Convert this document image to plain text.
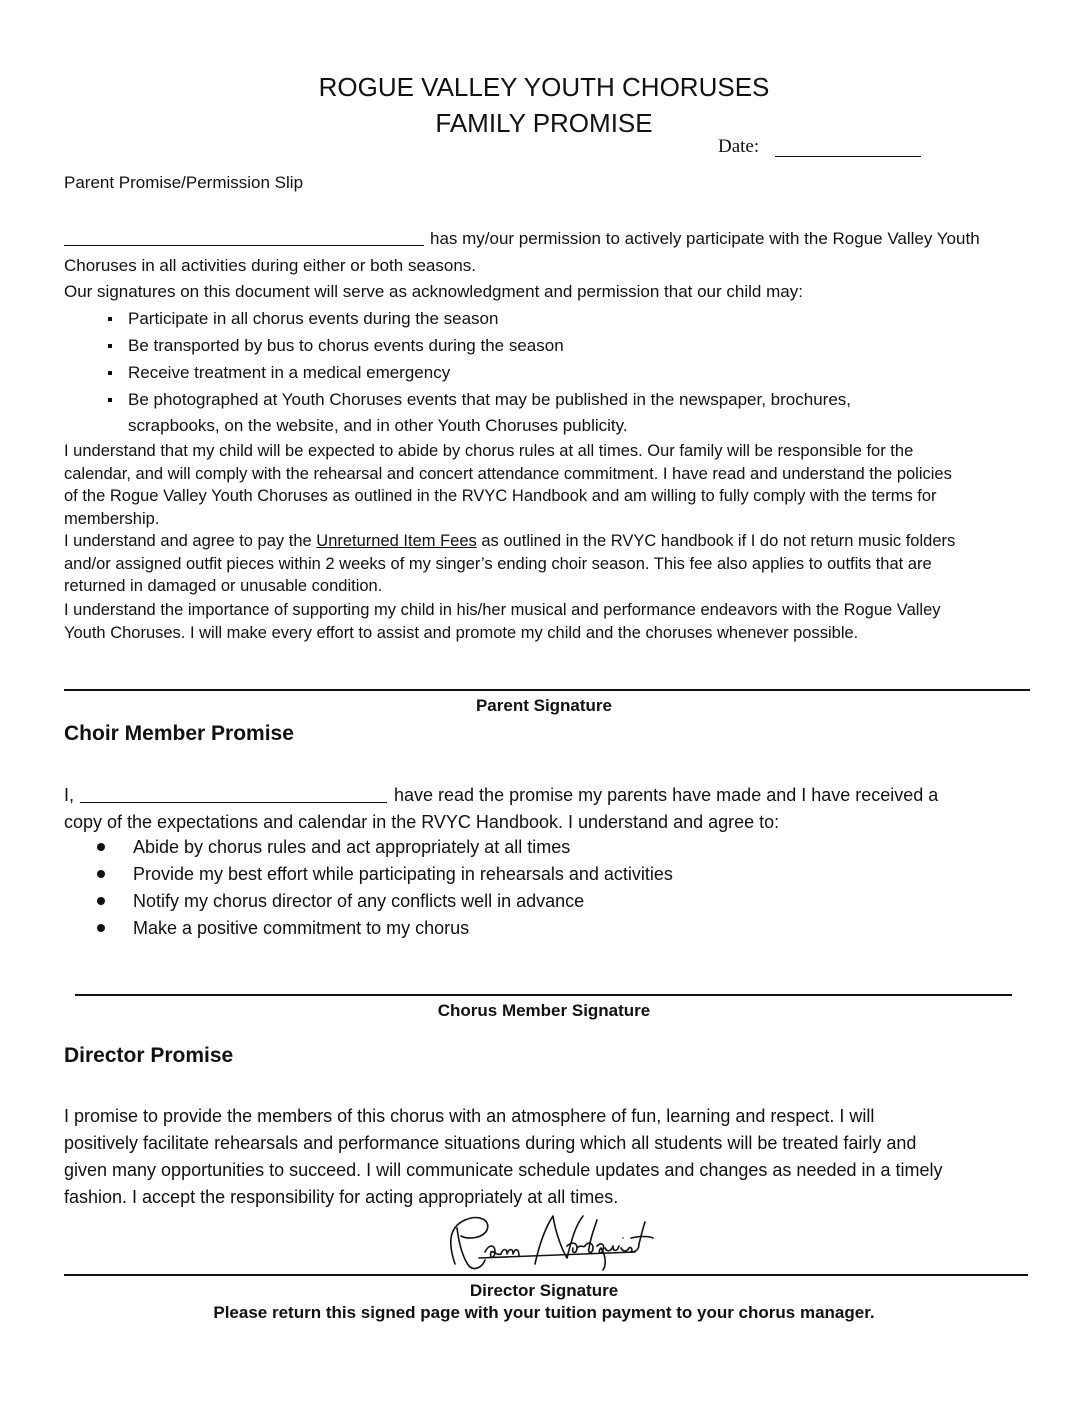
ROGUE VALLEY YOUTH CHORUSES
FAMILY PROMISE
Date:
Parent Promise/Permission Slip
has my/our permission to actively participate with the Rogue Valley Youth
Choruses in all activities during either or both seasons.
Our signatures on this document will serve as acknowledgment and permission that our child may:
Participate in all chorus events during the season
Be transported by bus to chorus events during the season
Receive treatment in a medical emergency
Be photographed at Youth Choruses events that may be published in the newspaper, brochures,
scrapbooks, on the website, and in other Youth Choruses publicity.
I understand that my child will be expected to abide by chorus rules at all times. Our family will be responsible for the
calendar, and will comply with the rehearsal and concert attendance commitment. I have read and understand the policies
of the Rogue Valley Youth Choruses as outlined in the RVYC Handbook and am willing to fully comply with the terms for
membership.
I understand and agree to pay the Unreturned Item Fees as outlined in the RVYC handbook if I do not return music folders
and/or assigned outfit pieces within 2 weeks of my singer’s ending choir season. This fee also applies to outfits that are
returned in damaged or unusable condition.
I understand the importance of supporting my child in his/her musical and performance endeavors with the Rogue Valley
Youth Choruses. I will make every effort to assist and promote my child and the choruses whenever possible.
Parent Signature
Choir Member Promise
I,	have read the promise my parents have made and I have received a
copy of the expectations and calendar in the RVYC Handbook. I understand and agree to:
Abide by chorus rules and act appropriately at all times
Provide my best effort while participating in rehearsals and activities
Notify my chorus director of any conflicts well in advance
Make a positive commitment to my chorus
Chorus Member Signature
Director Promise
I promise to provide the members of this chorus with an atmosphere of fun, learning and respect. I will
positively facilitate rehearsals and performance situations during which all students will be treated fairly and
given many opportunities to succeed. I will communicate schedule updates and changes as needed in a timely
fashion. I accept the responsibility for acting appropriately at all times.
Director Signature
Please return this signed page with your tuition payment to your chorus manager.
